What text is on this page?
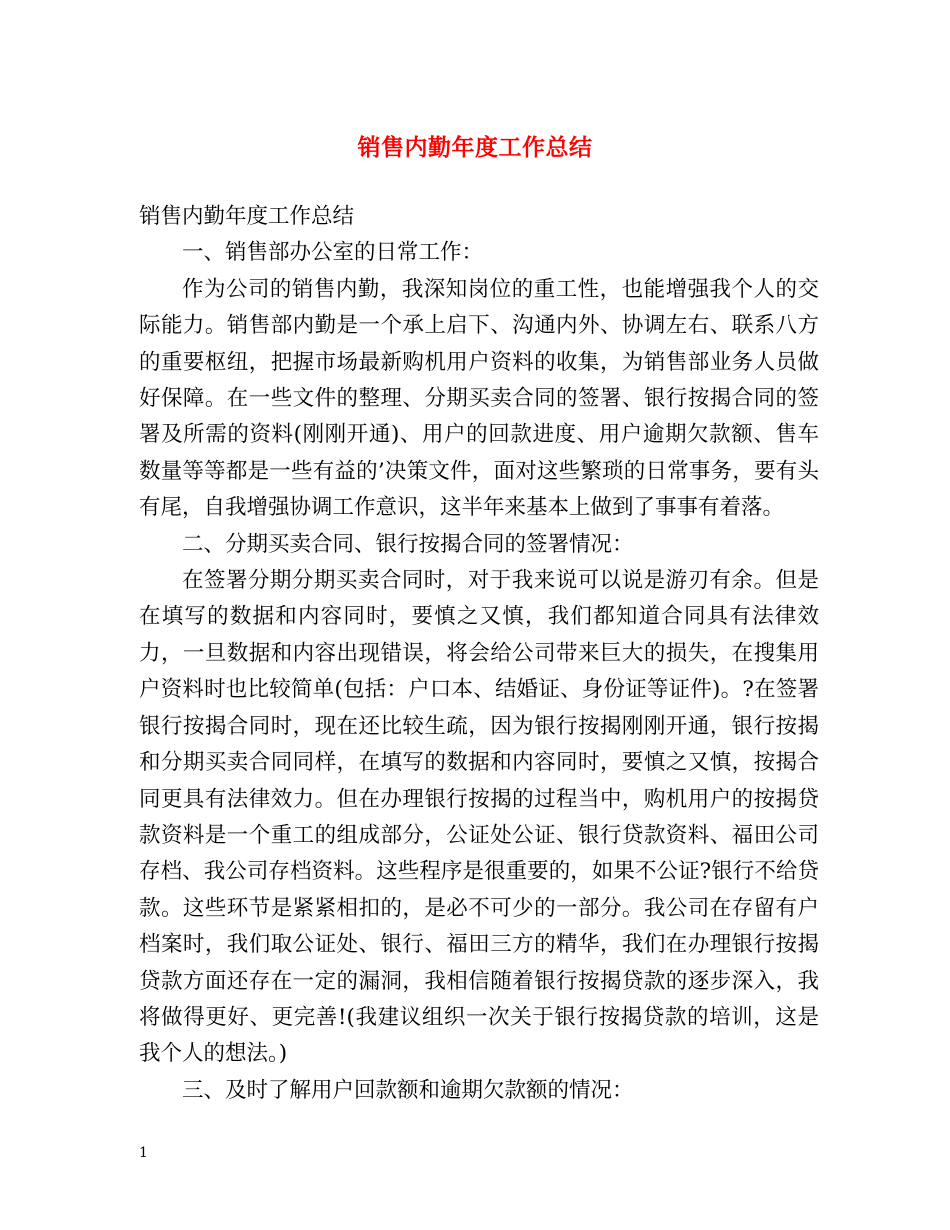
销售内勤年度工作总结

销售内勤年度工作总结

一、销售部办公室的日常工作：

作为公司的销售内勤，我深知岗位的重工性，也能增强我个人的交际能力。销售部内勤是一个承上启下、沟通内外、协调左右、联系八方的重要枢纽，把握市场最新购机用户资料的收集，为销售部业务人员做好保障。在一些文件的整理、分期买卖合同的签署、银行按揭合同的签署及所需的资料(刚刚开通)、用户的回款进度、用户逾期欠款额、售车数量等等都是一些有益的’决策文件，面对这些繁琐的日常事务，要有头有尾，自我增强协调工作意识，这半年来基本上做到了事事有着落。

二、分期买卖合同、银行按揭合同的签署情况：

在签署分期分期买卖合同时，对于我来说可以说是游刃有余。但是在填写的数据和内容同时，要慎之又慎，我们都知道合同具有法律效力，一旦数据和内容出现错误，将会给公司带来巨大的损失，在搜集用户资料时也比较简单(包括：户口本、结婚证、身份证等证件)。?在签署银行按揭合同时，现在还比较生疏，因为银行按揭刚刚开通，银行按揭和分期买卖合同同样，在填写的数据和内容同时，要慎之又慎，按揭合同更具有法律效力。但在办理银行按揭的过程当中，购机用户的按揭贷款资料是一个重工的组成部分，公证处公证、银行贷款资料、福田公司存档、我公司存档资料。这些程序是很重要的，如果不公证?银行不给贷款。这些环节是紧紧相扣的，是必不可少的一部分。我公司在存留有户档案时，我们取公证处、银行、福田三方的精华，我们在办理银行按揭贷款方面还存在一定的漏洞，我相信随着银行按揭贷款的逐步深入，我将做得更好、更完善!(我建议组织一次关于银行按揭贷款的培训，这是我个人的想法。)

三、及时了解用户回款额和逾期欠款额的情况：

1
